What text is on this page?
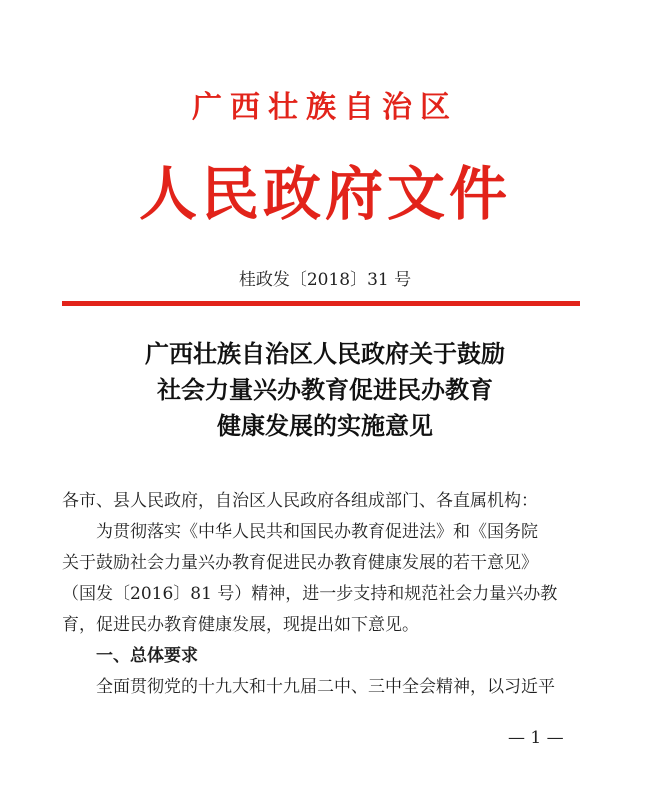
广西壮族自治区
人民政府文件
桂政发〔2018〕31 号
广西壮族自治区人民政府关于鼓励
社会力量兴办教育促进民办教育
健康发展的实施意见

各市、县人民政府，自治区人民政府各组成部门、各直属机构：

为贯彻落实《中华人民共和国民办教育促进法》和《国务院

关于鼓励社会力量兴办教育促进民办教育健康发展的若干意见》

（国发〔2016〕81 号）精神，进一步支持和规范社会力量兴办教

育，促进民办教育健康发展，现提出如下意见。

一、总体要求

全面贯彻党的十九大和十九届二中、三中全会精神，以习近平

— 1 —
